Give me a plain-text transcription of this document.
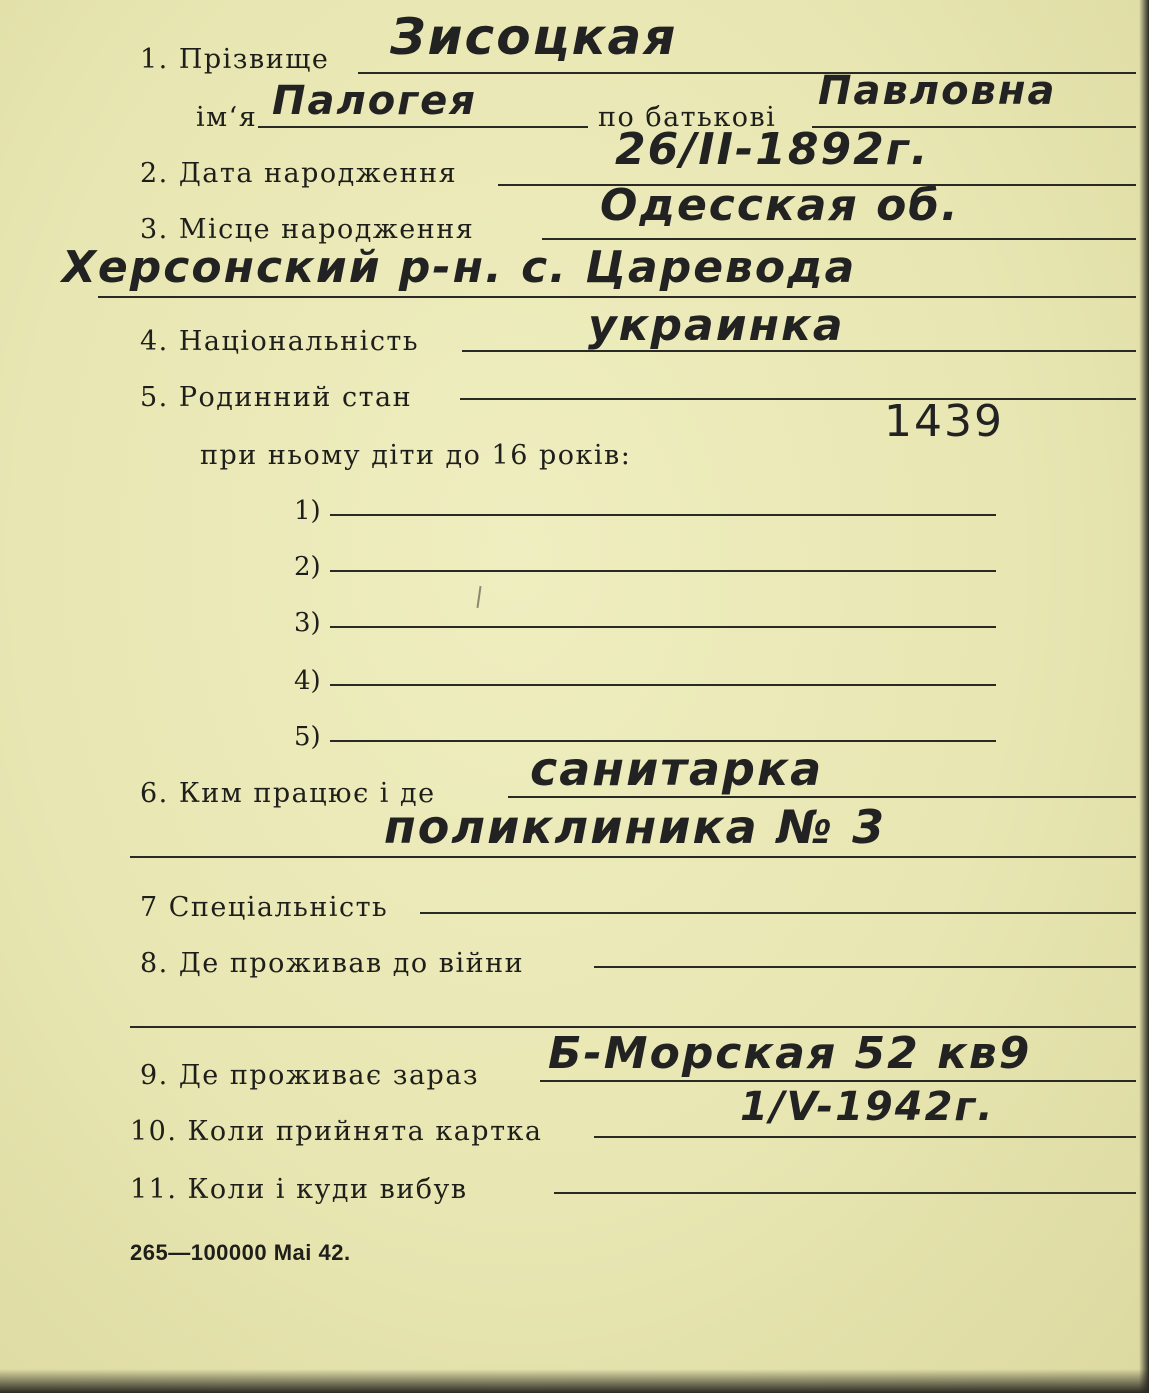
1. Прізвище Зисоцкая
ім‘я Палогея	по батькові
Павловна
2. Дата народження	26/II-1892г.
3. Місце народження	Одесская об.
Херсонский р-н. с. Царевода
4. Національність	украинка
5. Родинний стан	1439
при ньому діти до 16 років:
1)
2)
3)
4)
5)
6. Ким працює і де санитарка
поликлиника № 3
7 Спеціальність
8. Де проживав до війни
9. Де проживає зараз Б-Морская 52 кв9
10. Коли прийнята картка
1/V-1942г.
11. Коли і куди вибув
265—100000 Mai 42.
